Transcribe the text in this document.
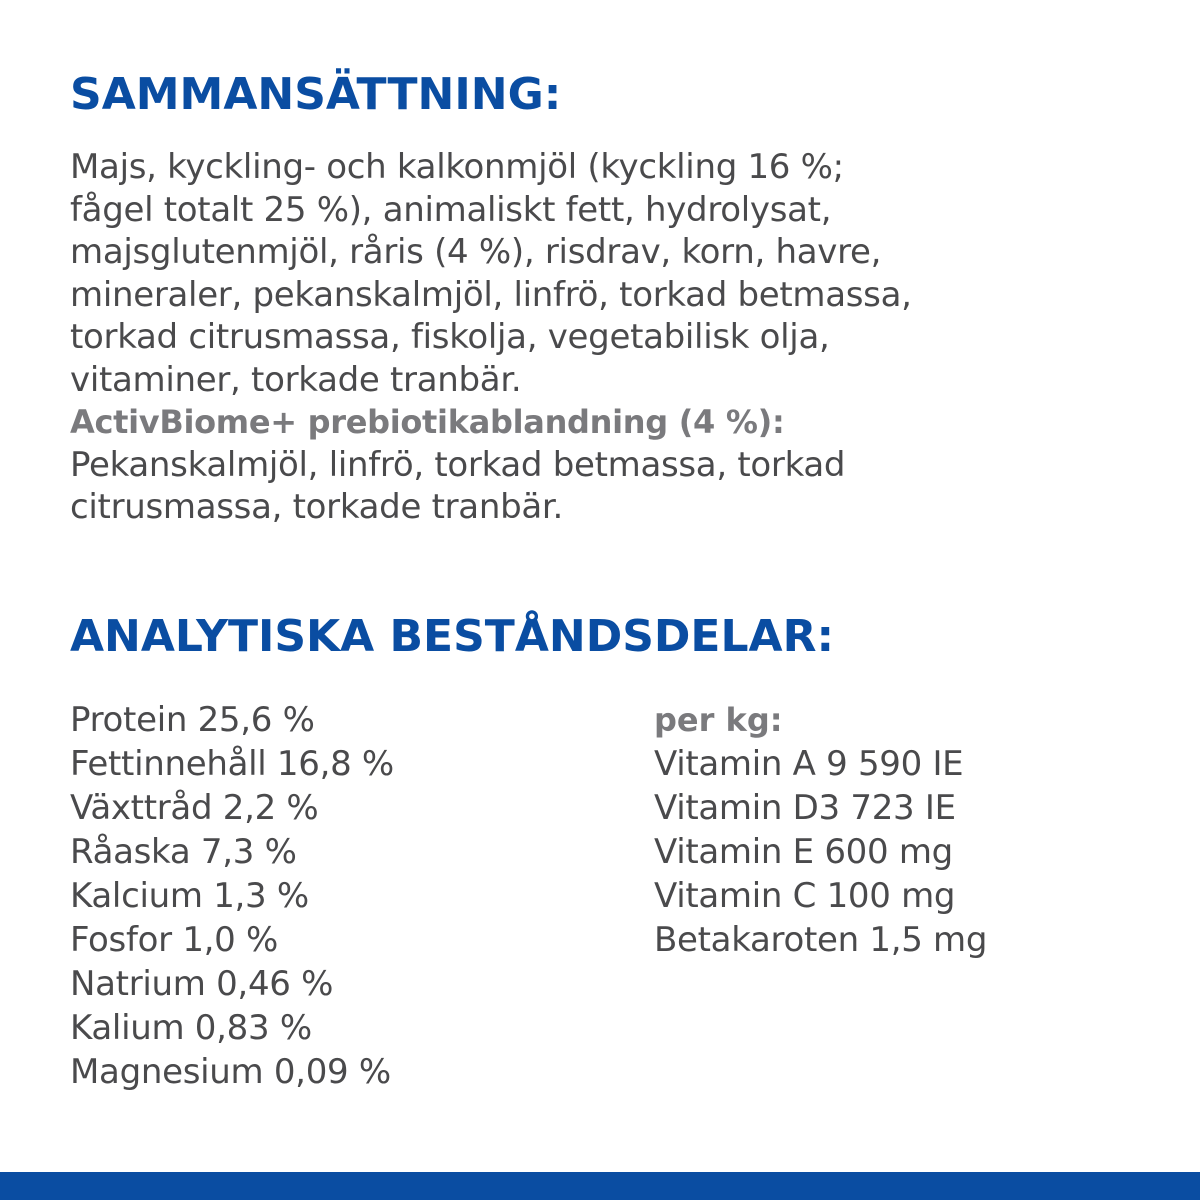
SAMMANSÄTTNING:
Majs, kyckling- och kalkonmjöl (kyckling 16 %;
fågel totalt 25 %), animaliskt fett, hydrolysat,
majsglutenmjöl, råris (4 %), risdrav, korn, havre,
mineraler, pekanskalmjöl, linfrö, torkad betmassa,
torkad citrusmassa, fiskolja, vegetabilisk olja,
vitaminer, torkade tranbär.
ActivBiome+ prebiotikablandning (4 %):
Pekanskalmjöl, linfrö, torkad betmassa, torkad
citrusmassa, torkade tranbär.
ANALYTISKA BESTÅNDSDELAR:
Protein 25,6 %
Fettinnehåll 16,8 %
Växttråd 2,2 %
Råaska 7,3 %
Kalcium 1,3 %
Fosfor 1,0 %
Natrium 0,46 %
Kalium 0,83 %
Magnesium 0,09 %
per kg:
Vitamin A 9 590 IE
Vitamin D3 723 IE
Vitamin E 600 mg
Vitamin C 100 mg
Betakaroten 1,5 mg
